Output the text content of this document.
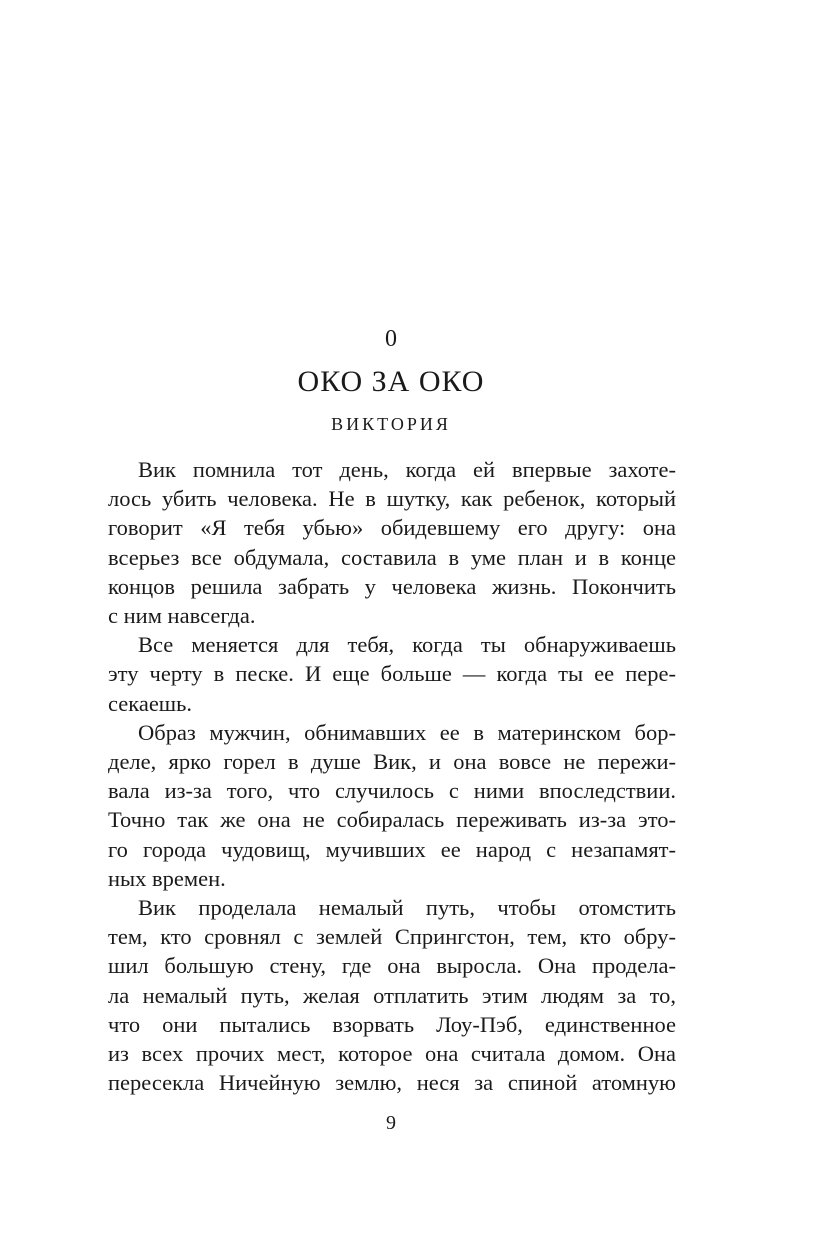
0
ОКО ЗА ОКО
ВИКТОРИЯ

Вик помнила тот день, когда ей впервые захоте-
лось убить человека. Не в шутку, как ребенок, который
говорит «Я тебя убью» обидевшему его другу: она
всерьез все обдумала, составила в уме план и в конце
концов решила забрать у человека жизнь. Покончить
с ним навсегда.

Все меняется для тебя, когда ты обнаруживаешь
эту черту в песке. И еще больше — когда ты ее пере-
секаешь.

Образ мужчин, обнимавших ее в материнском бор-
деле, ярко горел в душе Вик, и она вовсе не пережи-
вала из-за того, что случилось с ними впоследствии.
Точно так же она не собиралась переживать из-за это-
го города чудовищ, мучивших ее народ с незапамят-
ных времен.

Вик проделала немалый путь, чтобы отомстить
тем, кто сровнял с землей Спрингстон, тем, кто обру-
шил большую стену, где она выросла. Она проделa-
ла немалый путь, желая отплатить этим людям за то,
что они пытались взорвать Лоу-Пэб, единственное
из всех прочих мест, которое она считала домом. Она
пересекла Ничейную землю, неся за спиной атомную

9
